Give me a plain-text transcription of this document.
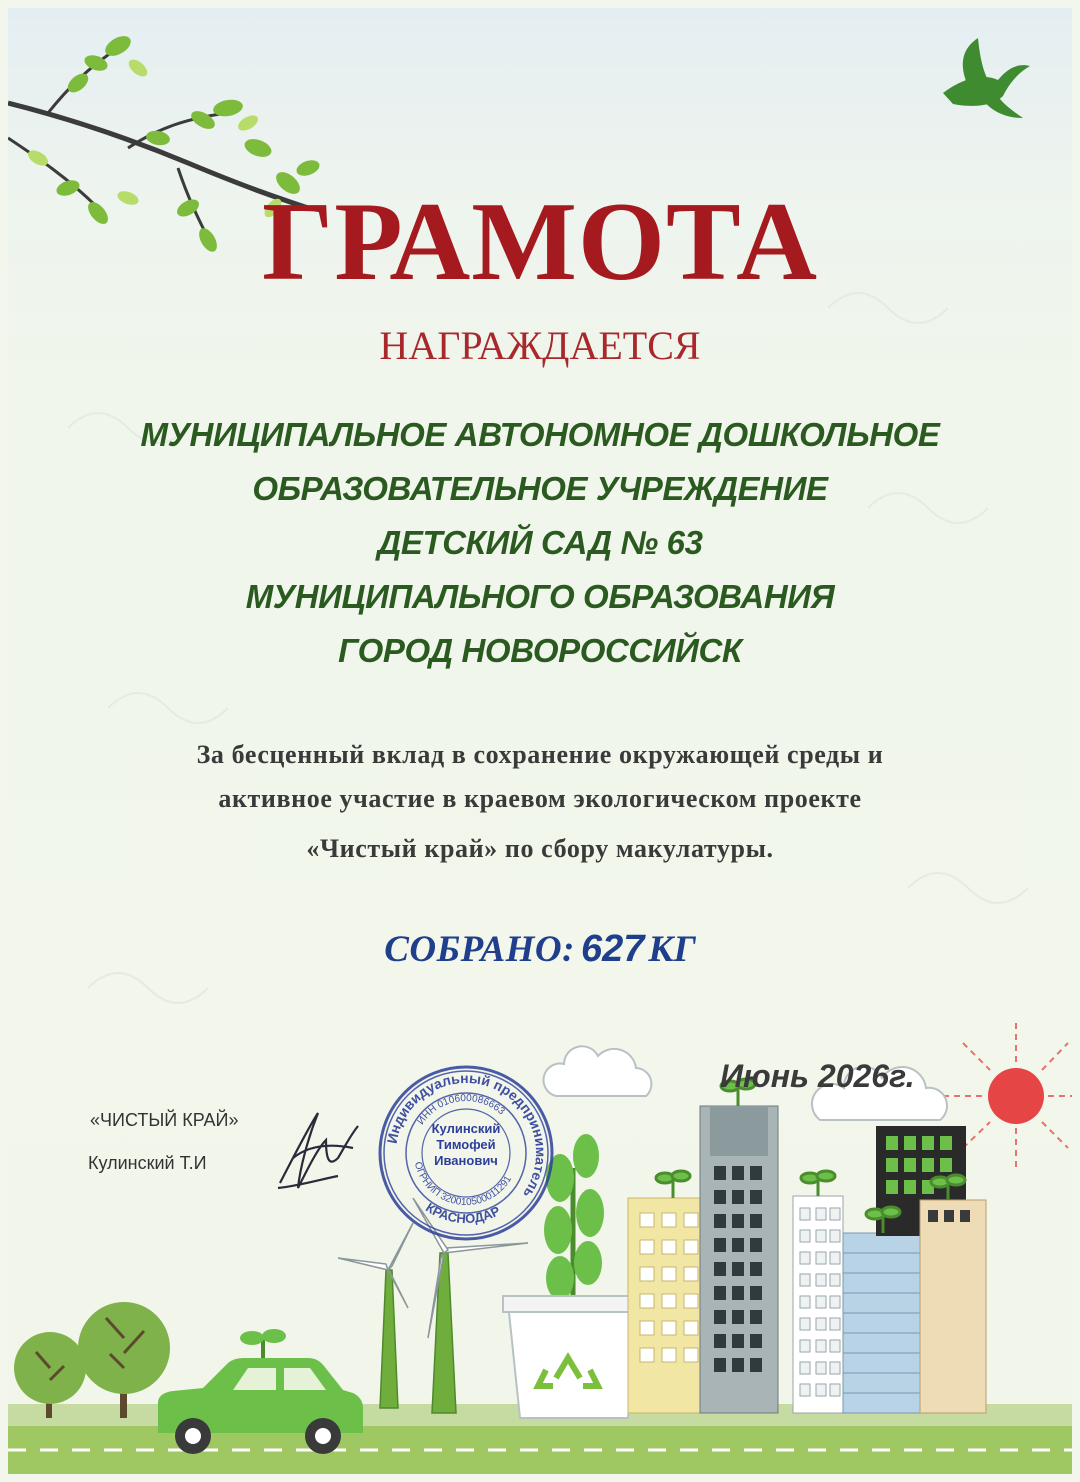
ГРАМОТА
НАГРАЖДАЕТСЯ
МУНИЦИПАЛЬНОЕ АВТОНОМНОЕ ДОШКОЛЬНОЕ
ОБРАЗОВАТЕЛЬНОЕ УЧРЕЖДЕНИЕ
ДЕТСКИЙ САД № 63
МУНИЦИПАЛЬНОГО ОБРАЗОВАНИЯ
ГОРОД НОВОРОССИЙСК
За бесценный вклад в сохранение окружающей среды и
активное участие в краевом экологическом проекте
«Чистый край» по сбору макулатуры.
СОБРАНО: 627 КГ
Июнь 2026г.
«ЧИСТЫЙ КРАЙ»
Кулинский Т.И
Индивидуальный предприниматель
ИНН 010600086663
ОГРНИП 320010500011291
КРАСНОДАР
Кулинский
Тимофей
Иванович
